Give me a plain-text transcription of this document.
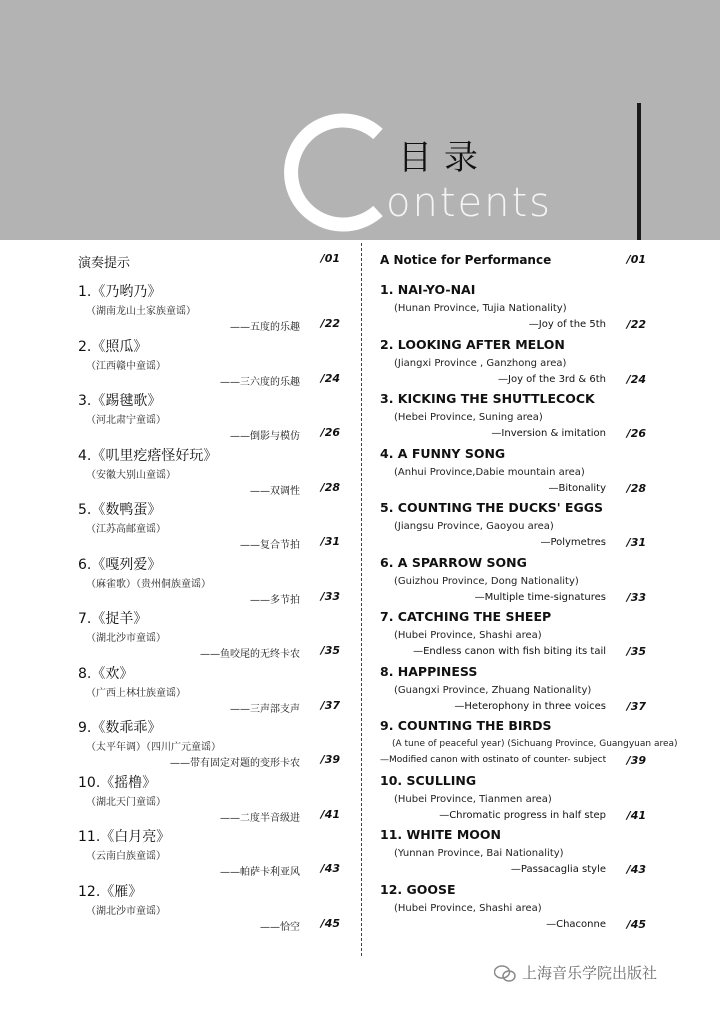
目录
ontents
演奏提示	/01
1.《乃哟乃》
（湖南龙山土家族童谣）
——五度的乐趣 /22
2.《照瓜》
（江西赣中童谣）
——三六度的乐趣 /24
3.《踢毽歌》
（河北肃宁童谣）
——倒影与模仿 /26
4.《叽里疙瘩怪好玩》
（安徽大别山童谣）
——双调性 /28
5.《数鸭蛋》
（江苏高邮童谣）
——复合节拍 /31
6.《嘎列爱》
（麻雀歌）（贵州侗族童谣）
——多节拍 /33
7.《捉羊》
（湖北沙市童谣）
——鱼咬尾的无终卡农 /35
8.《欢》
（广西上林壮族童谣）
——三声部支声 /37
9.《数乖乖》
（太平年调）（四川广元童谣）
——带有固定对题的变形卡农 /39
10.《摇橹》
（湖北天门童谣）
——二度半音级进 /41
11.《白月亮》
（云南白族童谣）
——帕萨卡利亚风 /43
12.《雁》
（湖北沙市童谣）
——恰空 /45
A Notice for Performance	/01
1. NAI-YO-NAI
(Hunan Province, Tujia Nationality)
—Joy of the 5th /22
2. LOOKING AFTER MELON
(Jiangxi Province , Ganzhong area)
—Joy of the 3rd & 6th /24
3. KICKING THE SHUTTLECOCK
(Hebei Province, Suning area)
—Inversion & imitation /26
4. A FUNNY SONG
(Anhui Province,Dabie mountain area)
—Bitonality /28
5. COUNTING THE DUCKS' EGGS
(Jiangsu Province, Gaoyou area)
—Polymetres /31
6. A SPARROW SONG
(Guizhou Province, Dong Nationality)
—Multiple time-signatures /33
7. CATCHING THE SHEEP
(Hubei Province, Shashi area)
—Endless canon with fish biting its tail /35
8. HAPPINESS
(Guangxi Province, Zhuang Nationality)
—Heterophony in three voices /37
9. COUNTING THE BIRDS
(A tune of peaceful year) (Sichuang Province, Guangyuan area)
—Modified canon with ostinato of counter- subject /39
10. SCULLING
(Hubei Province, Tianmen area)
—Chromatic progress in half step /41
11. WHITE MOON
(Yunnan Province, Bai Nationality)
—Passacaglia style /43
12. GOOSE
(Hubei Province, Shashi area)
—Chaconne /45
上海音乐学院出版社
